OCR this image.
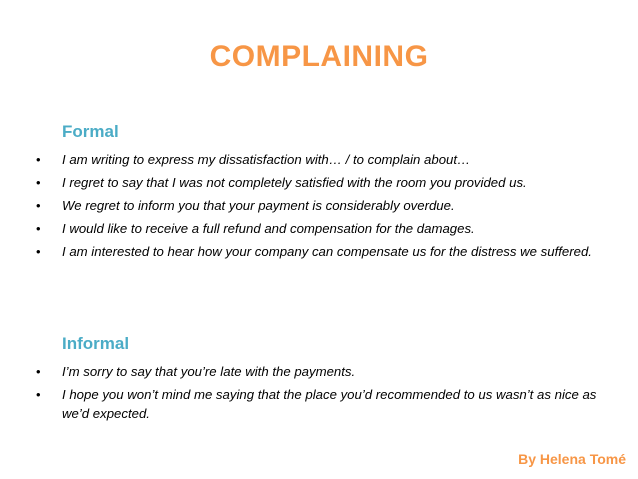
COMPLAINING
Formal
• I am writing to express my dissatisfaction with… / to complain about…
• I regret to say that I was not completely satisfied with the room you provided us.
• We regret to inform you that your payment is considerably overdue.
• I would like to receive a full refund and compensation for the damages.
• I am interested to hear how your company can compensate us for the distress we suffered.
Informal
• I’m sorry to say that you’re late with the payments.
• I hope you won’t mind me saying that the place you’d recommended to us wasn’t as nice as we’d expected.

By Helena Tomé
